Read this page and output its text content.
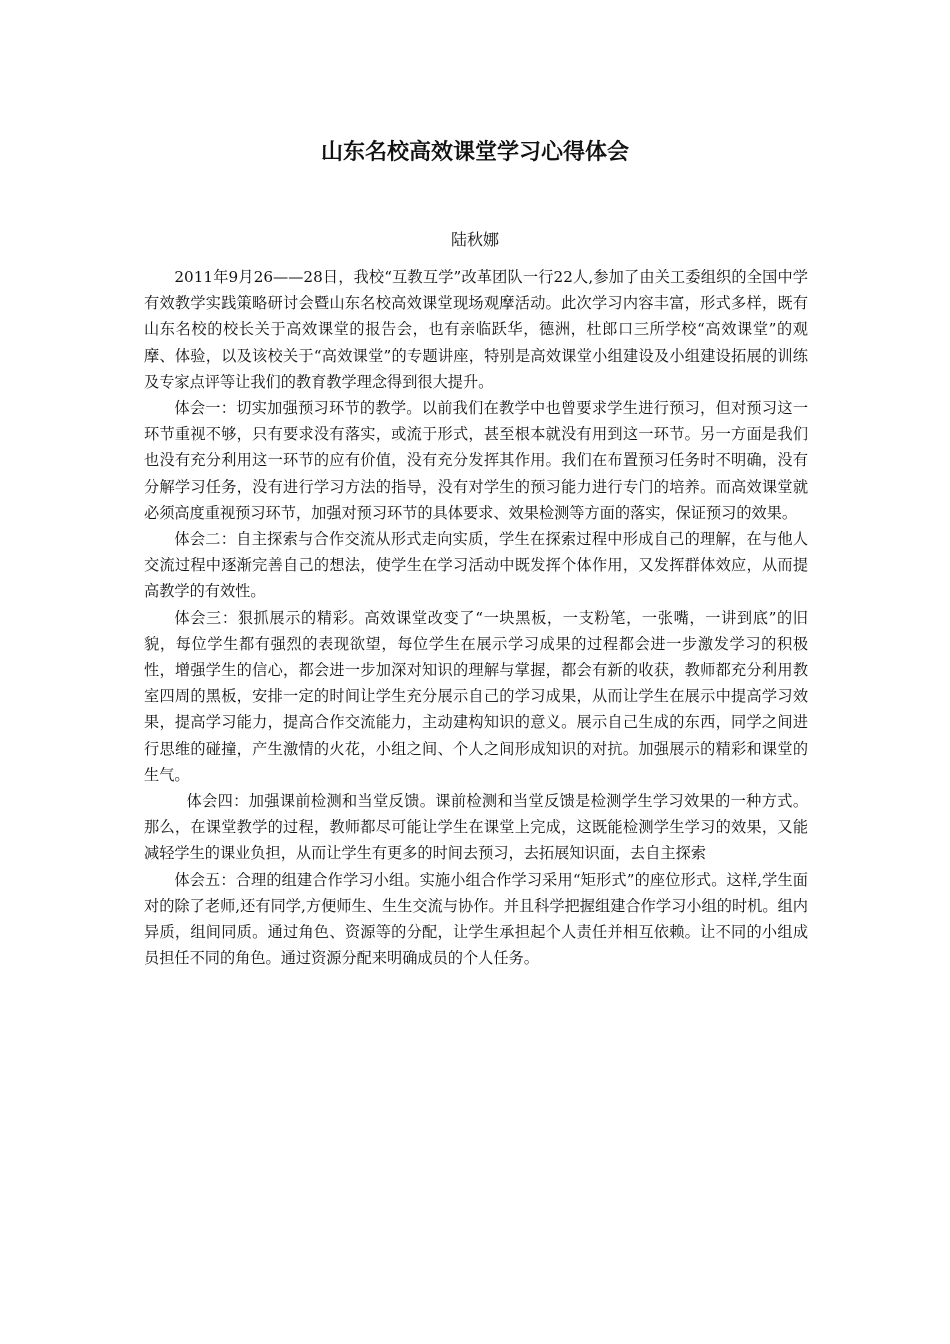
山东名校高效课堂学习心得体会

陆秋娜

2011年9月26——28日，我校“互教互学”改革团队一行22人,参加了由关工委组织的全国中学有效教学实践策略研讨会暨山东名校高效课堂现场观摩活动。此次学习内容丰富，形式多样，既有山东名校的校长关于高效课堂的报告会，也有亲临跃华，德洲，杜郎口三所学校“高效课堂”的观摩、体验，以及该校关于“高效课堂”的专题讲座，特别是高效课堂小组建设及小组建设拓展的训练及专家点评等让我们的教育教学理念得到很大提升。

体会一：切实加强预习环节的教学。以前我们在教学中也曾要求学生进行预习，但对预习这一环节重视不够，只有要求没有落实，或流于形式，甚至根本就没有用到这一环节。另一方面是我们也没有充分利用这一环节的应有价值，没有充分发挥其作用。我们在布置预习任务时不明确，没有分解学习任务，没有进行学习方法的指导，没有对学生的预习能力进行专门的培养。而高效课堂就必须高度重视预习环节，加强对预习环节的具体要求、效果检测等方面的落实，保证预习的效果。

体会二：自主探索与合作交流从形式走向实质，学生在探索过程中形成自己的理解，在与他人交流过程中逐渐完善自己的想法，使学生在学习活动中既发挥个体作用，又发挥群体效应，从而提高教学的有效性。

体会三：狠抓展示的精彩。高效课堂改变了“一块黑板，一支粉笔，一张嘴，一讲到底”的旧貌，每位学生都有强烈的表现欲望，每位学生在展示学习成果的过程都会进一步激发学习的积极性，增强学生的信心，都会进一步加深对知识的理解与掌握，都会有新的收获，教师都充分利用教室四周的黑板，安排一定的时间让学生充分展示自己的学习成果，从而让学生在展示中提高学习效果，提高学习能力，提高合作交流能力，主动建构知识的意义。展示自己生成的东西，同学之间进行思维的碰撞，产生激情的火花，小组之间、个人之间形成知识的对抗。加强展示的精彩和课堂的生气。

体会四：加强课前检测和当堂反馈。课前检测和当堂反馈是检测学生学习效果的一种方式。那么，在课堂教学的过程，教师都尽可能让学生在课堂上完成，这既能检测学生学习的效果，又能减轻学生的课业负担，从而让学生有更多的时间去预习，去拓展知识面，去自主探索

体会五：合理的组建合作学习小组。实施小组合作学习采用“矩形式”的座位形式。这样,学生面对的除了老师,还有同学,方便师生、生生交流与协作。并且科学把握组建合作学习小组的时机。组内异质，组间同质。通过角色、资源等的分配，让学生承担起个人责任并相互依赖。让不同的小组成员担任不同的角色。通过资源分配来明确成员的个人任务。
